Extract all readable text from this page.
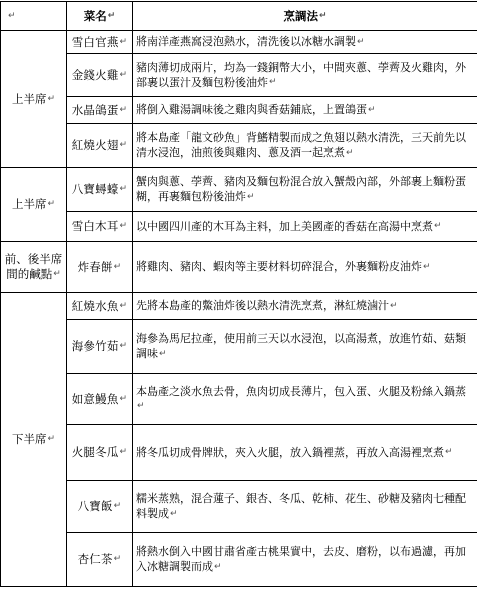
↵	菜名↵	烹調法↵
上半席↵	雪白官燕↵	將南洋產燕窩浸泡熱水，清洗後以冰糖水調製↵
	金錢火雞↵	豬肉薄切成兩片，均為一錢銅幣大小，中間夾蔥、荸薺及火雞肉，外部裹以蛋汁及麵包粉後油炸↵
	水晶鴿蛋↵	將倒入雞湯調味後之雞肉與香菇鋪底，上置鴿蛋↵
	紅燒火翅↵	將本島產「龍文砂魚」背鰭精製而成之魚翅以熱水清洗，三天前先以清水浸泡，油煎後與雞肉、蔥及酒一起烹煮↵
上半席↵	八寶蟳蠔↵	蟹肉與蔥、荸薺、豬肉及麵包粉混合放入蟹殼內部，外部裹上麵粉蛋糊，再裹麵包粉後油炸↵
	雪白木耳↵	以中國四川產的木耳為主料，加上美國產的香菇在高湯中烹煮↵
前、後半席間的鹹點↵	炸春餅↵	將雞肉、豬肉、蝦肉等主要材料切碎混合，外裹麵粉皮油炸↵
下半席↵	紅燒水魚↵	先將本島產的鱉油炸後以熱水清洗烹煮，淋紅燒滷汁↵
	海參竹茹↵	海參為馬尼拉產，使用前三天以水浸泡，以高湯煮，放進竹茹、菇類調味↵
	如意鰻魚↵	本島產之淡水魚去骨，魚肉切成長薄片，包入蛋、火腿及粉絲入鍋蒸↵
	火腿冬瓜↵	將冬瓜切成骨牌狀，夾入火腿，放入鍋裡蒸，再放入高湯裡烹煮↵
	八寶飯↵	糯米蒸熟，混合蓮子、銀杏、冬瓜、乾柿、花生、砂糖及豬肉七種配料製成↵
	杏仁茶↵	將熱水倒入中國甘肅省產古桃果實中，去皮、磨粉，以布過濾，再加入冰糖調製而成↵
